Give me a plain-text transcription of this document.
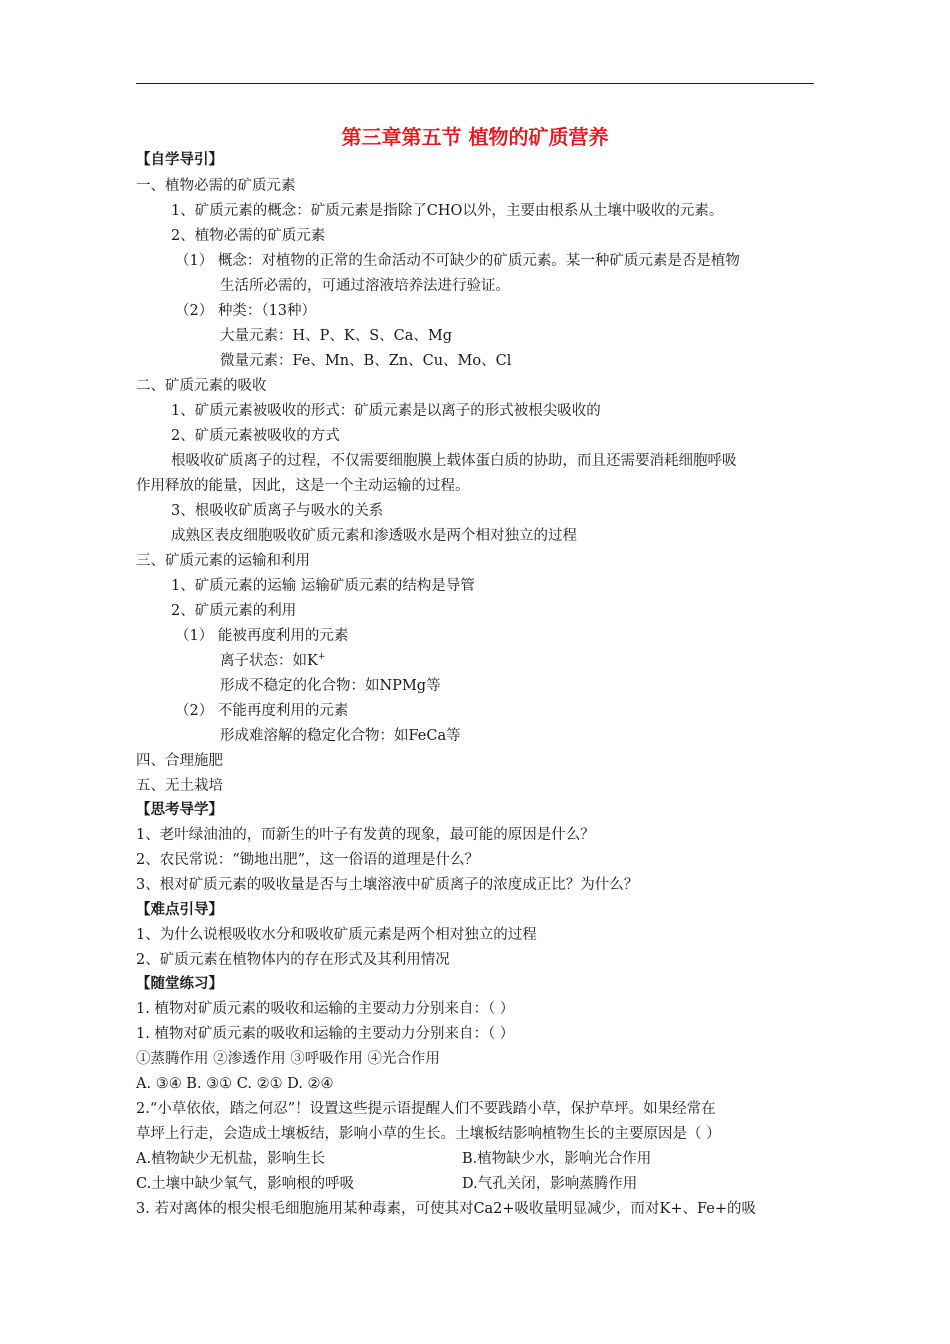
第三章第五节 植物的矿质营养
【自学导引】
一、植物必需的矿质元素
1、矿质元素的概念：矿质元素是指除了CHO以外，主要由根系从土壤中吸收的元素。
2、植物必需的矿质元素
（1） 概念：对植物的正常的生命活动不可缺少的矿质元素。某一种矿质元素是否是植物
生活所必需的，可通过溶液培养法进行验证。
（2） 种类：（13种）
大量元素：H、P、K、S、Ca、Mg
微量元素：Fe、Mn、B、Zn、Cu、Mo、Cl
二、矿质元素的吸收
1、矿质元素被吸收的形式：矿质元素是以离子的形式被根尖吸收的
2、矿质元素被吸收的方式
根吸收矿质离子的过程，不仅需要细胞膜上载体蛋白质的协助，而且还需要消耗细胞呼吸
作用释放的能量，因此，这是一个主动运输的过程。
3、根吸收矿质离子与吸水的关系
成熟区表皮细胞吸收矿质元素和渗透吸水是两个相对独立的过程
三、矿质元素的运输和利用
1、矿质元素的运输 运输矿质元素的结构是导管
2、矿质元素的利用
（1） 能被再度利用的元素
离子状态：如K+
形成不稳定的化合物：如NPMg等
（2） 不能再度利用的元素
形成难溶解的稳定化合物：如FeCa等
四、合理施肥
五、无土栽培
【思考导学】
1、老叶绿油油的，而新生的叶子有发黄的现象，最可能的原因是什么？
2、农民常说：“锄地出肥”，这一俗语的道理是什么？
3、根对矿质元素的吸收量是否与土壤溶液中矿质离子的浓度成正比？为什么？
【难点引导】
1、为什么说根吸收水分和吸收矿质元素是两个相对独立的过程
2、矿质元素在植物体内的存在形式及其利用情况
【随堂练习】
1. 植物对矿质元素的吸收和运输的主要动力分别来自：（ ）
1. 植物对矿质元素的吸收和运输的主要动力分别来自：（ ）
①蒸腾作用 ②渗透作用 ③呼吸作用 ④光合作用
A. ③④ B. ③① C. ②① D. ②④
2.“小草依依，踏之何忍”！设置这些提示语提醒人们不要践踏小草，保护草坪。如果经常在
草坪上行走，会造成土壤板结，影响小草的生长。土壤板结影响植物生长的主要原因是（ ）
A.植物缺少无机盐，影响生长	B.植物缺少水，影响光合作用
C.土壤中缺少氧气，影响根的呼吸	D.气孔关闭，影响蒸腾作用
3. 若对离体的根尖根毛细胞施用某种毒素，可使其对Ca2+吸收量明显减少，而对K+、Fe+的吸
